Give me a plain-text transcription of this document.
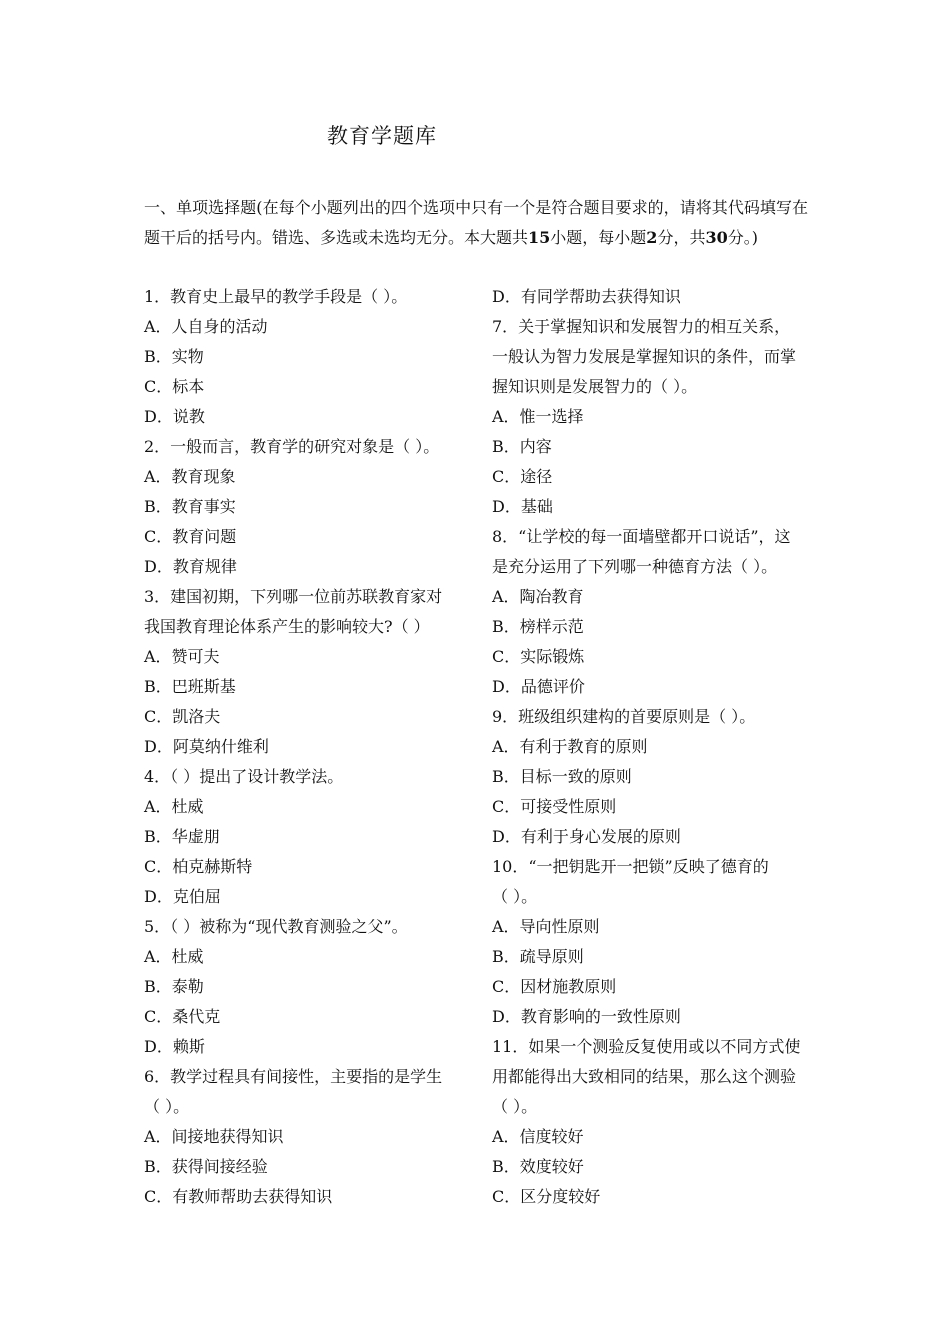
教育学题库
一、单项选择题(在每个小题列出的四个选项中只有一个是符合题目要求的，请将其代码填写在题干后的括号内。错选、多选或未选均无分。本大题共15小题，每小题2分，共30分。)
1．教育史上最早的教学手段是（ ）。
A．人自身的活动
B．实物
C．标本
D．说教
2．一般而言，教育学的研究对象是（ ）。
A．教育现象
B．教育事实
C．教育问题
D．教育规律
3．建国初期，下列哪一位前苏联教育家对
我国教育理论体系产生的影响较大?（ ）
A．赞可夫
B．巴班斯基
C．凯洛夫
D．阿莫纳什维利
4．（ ）提出了设计教学法。
A．杜威
B．华虚朋
C．柏克赫斯特
D．克伯屈
5．（ ）被称为“现代教育测验之父”。
A．杜威
B．泰勒
C．桑代克
D．赖斯
6．教学过程具有间接性，主要指的是学生
（ ）。
A．间接地获得知识
B．获得间接经验
C．有教师帮助去获得知识
D．有同学帮助去获得知识
7．关于掌握知识和发展智力的相互关系，
一般认为智力发展是掌握知识的条件，而掌
握知识则是发展智力的（ ）。
A．惟一选择
B．内容
C．途径
D．基础
8．“让学校的每一面墙壁都开口说话”，这
是充分运用了下列哪一种德育方法（ ）。
A．陶冶教育
B．榜样示范
C．实际锻炼
D．品德评价
9．班级组织建构的首要原则是（ ）。
A．有利于教育的原则
B．目标一致的原则
C．可接受性原则
D．有利于身心发展的原则
10．“一把钥匙开一把锁”反映了德育的
（ ）。
A．导向性原则
B．疏导原则
C．因材施教原则
D．教育影响的一致性原则
11．如果一个测验反复使用或以不同方式使
用都能得出大致相同的结果，那么这个测验
（ ）。
A．信度较好
B．效度较好
C．区分度较好
